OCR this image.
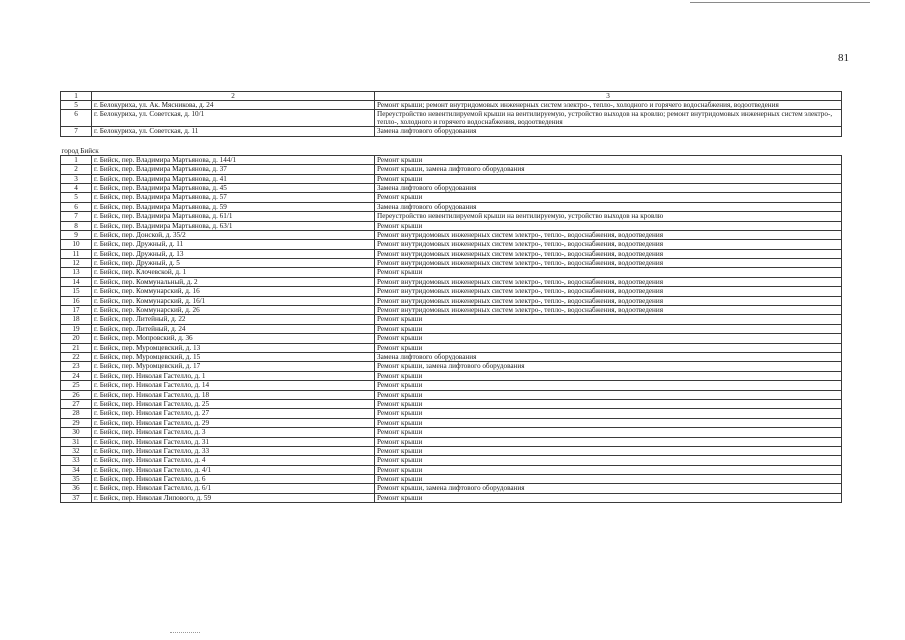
81
1	2	3
5	г. Белокуриха, ул. Ак. Мясникова, д. 24	Ремонт крыши; ремонт внутридомовых инженерных систем электро-, тепло-, холодного и горячего водоснабжения, водоотведения
6	г. Белокуриха, ул. Советская, д. 10/1	Переустройство невентилируемой крыши на вентилируемую, устройство выходов на кровлю; ремонт внутридомовых инженерных систем электро-, тепло-, холодного и горячего водоснабжения, водоотведения
7	г. Белокуриха, ул. Советская, д. 11	Замена лифтового оборудования
город Бийск		
1	г. Бийск, пер. Владимира Мартьянова, д. 144/1	Ремонт крыши
2	г. Бийск, пер. Владимира Мартьянова, д. 37	Ремонт крыши, замена лифтового оборудования
3	г. Бийск, пер. Владимира Мартьянова, д. 41	Ремонт крыши
4	г. Бийск, пер. Владимира Мартьянова, д. 45	Замена лифтового оборудования
5	г. Бийск, пер. Владимира Мартьянова, д. 57	Ремонт крыши
6	г. Бийск, пер. Владимира Мартьянова, д. 59	Замена лифтового оборудования
7	г. Бийск, пер. Владимира Мартьянова, д. 61/1	Переустройство невентилируемой крыши на вентилируемую, устройство выходов на кровлю
8	г. Бийск, пер. Владимира Мартьянова, д. 63/1	Ремонт крыши
9	г. Бийск, пер. Донской, д. 35/2	Ремонт внутридомовых инженерных систем электро-, тепло-, водоснабжения, водоотведения
10	г. Бийск, пер. Дружный, д. 11	Ремонт внутридомовых инженерных систем электро-, тепло-, водоснабжения, водоотведения
11	г. Бийск, пер. Дружный, д. 13	Ремонт внутридомовых инженерных систем электро-, тепло-, водоснабжения, водоотведения
12	г. Бийск, пер. Дружный, д. 5	Ремонт внутридомовых инженерных систем электро-, тепло-, водоснабжения, водоотведения
13	г. Бийск, пер. Клочевской, д. 1	Ремонт крыши
14	г. Бийск, пер. Коммунальный, д. 2	Ремонт внутридомовых инженерных систем электро-, тепло-, водоснабжения, водоотведения
15	г. Бийск, пер. Коммунарский, д. 16	Ремонт внутридомовых инженерных систем электро-, тепло-, водоснабжения, водоотведения
16	г. Бийск, пер. Коммунарский, д. 16/1	Ремонт внутридомовых инженерных систем электро-, тепло-, водоснабжения, водоотведения
17	г. Бийск, пер. Коммунарский, д. 26	Ремонт внутридомовых инженерных систем электро-, тепло-, водоснабжения, водоотведения
18	г. Бийск, пер. Литейный, д. 22	Ремонт крыши
19	г. Бийск, пер. Литейный, д. 24	Ремонт крыши
20	г. Бийск, пер. Мопровский, д. 36	Ремонт крыши
21	г. Бийск, пер. Муромцевский, д. 13	Ремонт крыши
22	г. Бийск, пер. Муромцевский, д. 15	Замена лифтового оборудования
23	г. Бийск, пер. Муромцевский, д. 17	Ремонт крыши, замена лифтового оборудования
24	г. Бийск, пер. Николая Гастелло, д. 1	Ремонт крыши
25	г. Бийск, пер. Николая Гастелло, д. 14	Ремонт крыши
26	г. Бийск, пер. Николая Гастелло, д. 18	Ремонт крыши
27	г. Бийск, пер. Николая Гастелло, д. 25	Ремонт крыши
28	г. Бийск, пер. Николая Гастелло, д. 27	Ремонт крыши
29	г. Бийск, пер. Николая Гастелло, д. 29	Ремонт крыши
30	г. Бийск, пер. Николая Гастелло, д. 3	Ремонт крыши
31	г. Бийск, пер. Николая Гастелло, д. 31	Ремонт крыши
32	г. Бийск, пер. Николая Гастелло, д. 33	Ремонт крыши
33	г. Бийск, пер. Николая Гастелло, д. 4	Ремонт крыши
34	г. Бийск, пер. Николая Гастелло, д. 4/1	Ремонт крыши
35	г. Бийск, пер. Николая Гастелло, д. 6	Ремонт крыши
36	г. Бийск, пер. Николая Гастелло, д. 6/1	Ремонт крыши, замена лифтового оборудования
37	г. Бийск, пер. Николая Липового, д. 59	Ремонт крыши
